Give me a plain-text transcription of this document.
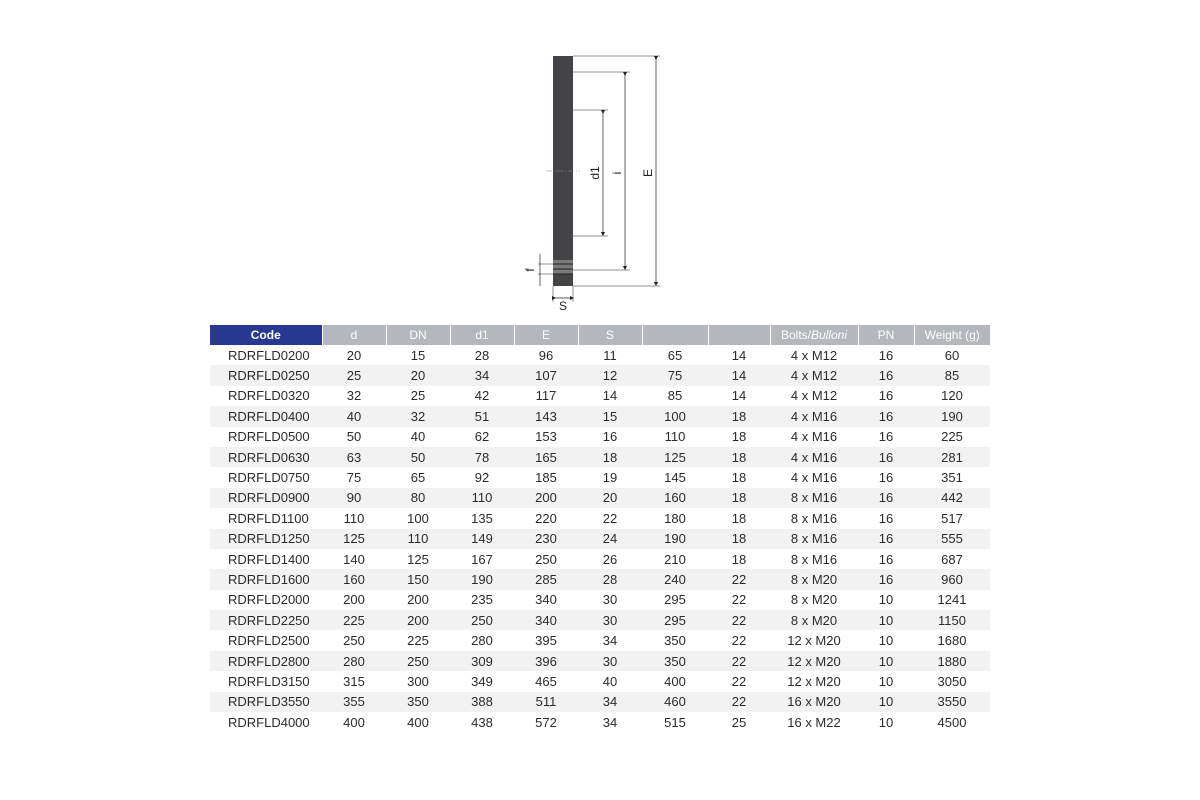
d1 i E
f
S
Code	d	DN	d1	E	S			Bolts/Bulloni	PN	Weight (g)
RDRFLD0200	20	15	28	96	11	65	14	4 x M12	16	60
RDRFLD0250	25	20	34	107	12	75	14	4 x M12	16	85
RDRFLD0320	32	25	42	117	14	85	14	4 x M12	16	120
RDRFLD0400	40	32	51	143	15	100	18	4 x M16	16	190
RDRFLD0500	50	40	62	153	16	110	18	4 x M16	16	225
RDRFLD0630	63	50	78	165	18	125	18	4 x M16	16	281
RDRFLD0750	75	65	92	185	19	145	18	4 x M16	16	351
RDRFLD0900	90	80	110	200	20	160	18	8 x M16	16	442
RDRFLD1100	110	100	135	220	22	180	18	8 x M16	16	517
RDRFLD1250	125	110	149	230	24	190	18	8 x M16	16	555
RDRFLD1400	140	125	167	250	26	210	18	8 x M16	16	687
RDRFLD1600	160	150	190	285	28	240	22	8 x M20	16	960
RDRFLD2000	200	200	235	340	30	295	22	8 x M20	10	1241
RDRFLD2250	225	200	250	340	30	295	22	8 x M20	10	1150
RDRFLD2500	250	225	280	395	34	350	22	12 x M20	10	1680
RDRFLD2800	280	250	309	396	30	350	22	12 x M20	10	1880
RDRFLD3150	315	300	349	465	40	400	22	12 x M20	10	3050
RDRFLD3550	355	350	388	511	34	460	22	16 x M20	10	3550
RDRFLD4000	400	400	438	572	34	515	25	16 x M22	10	4500
